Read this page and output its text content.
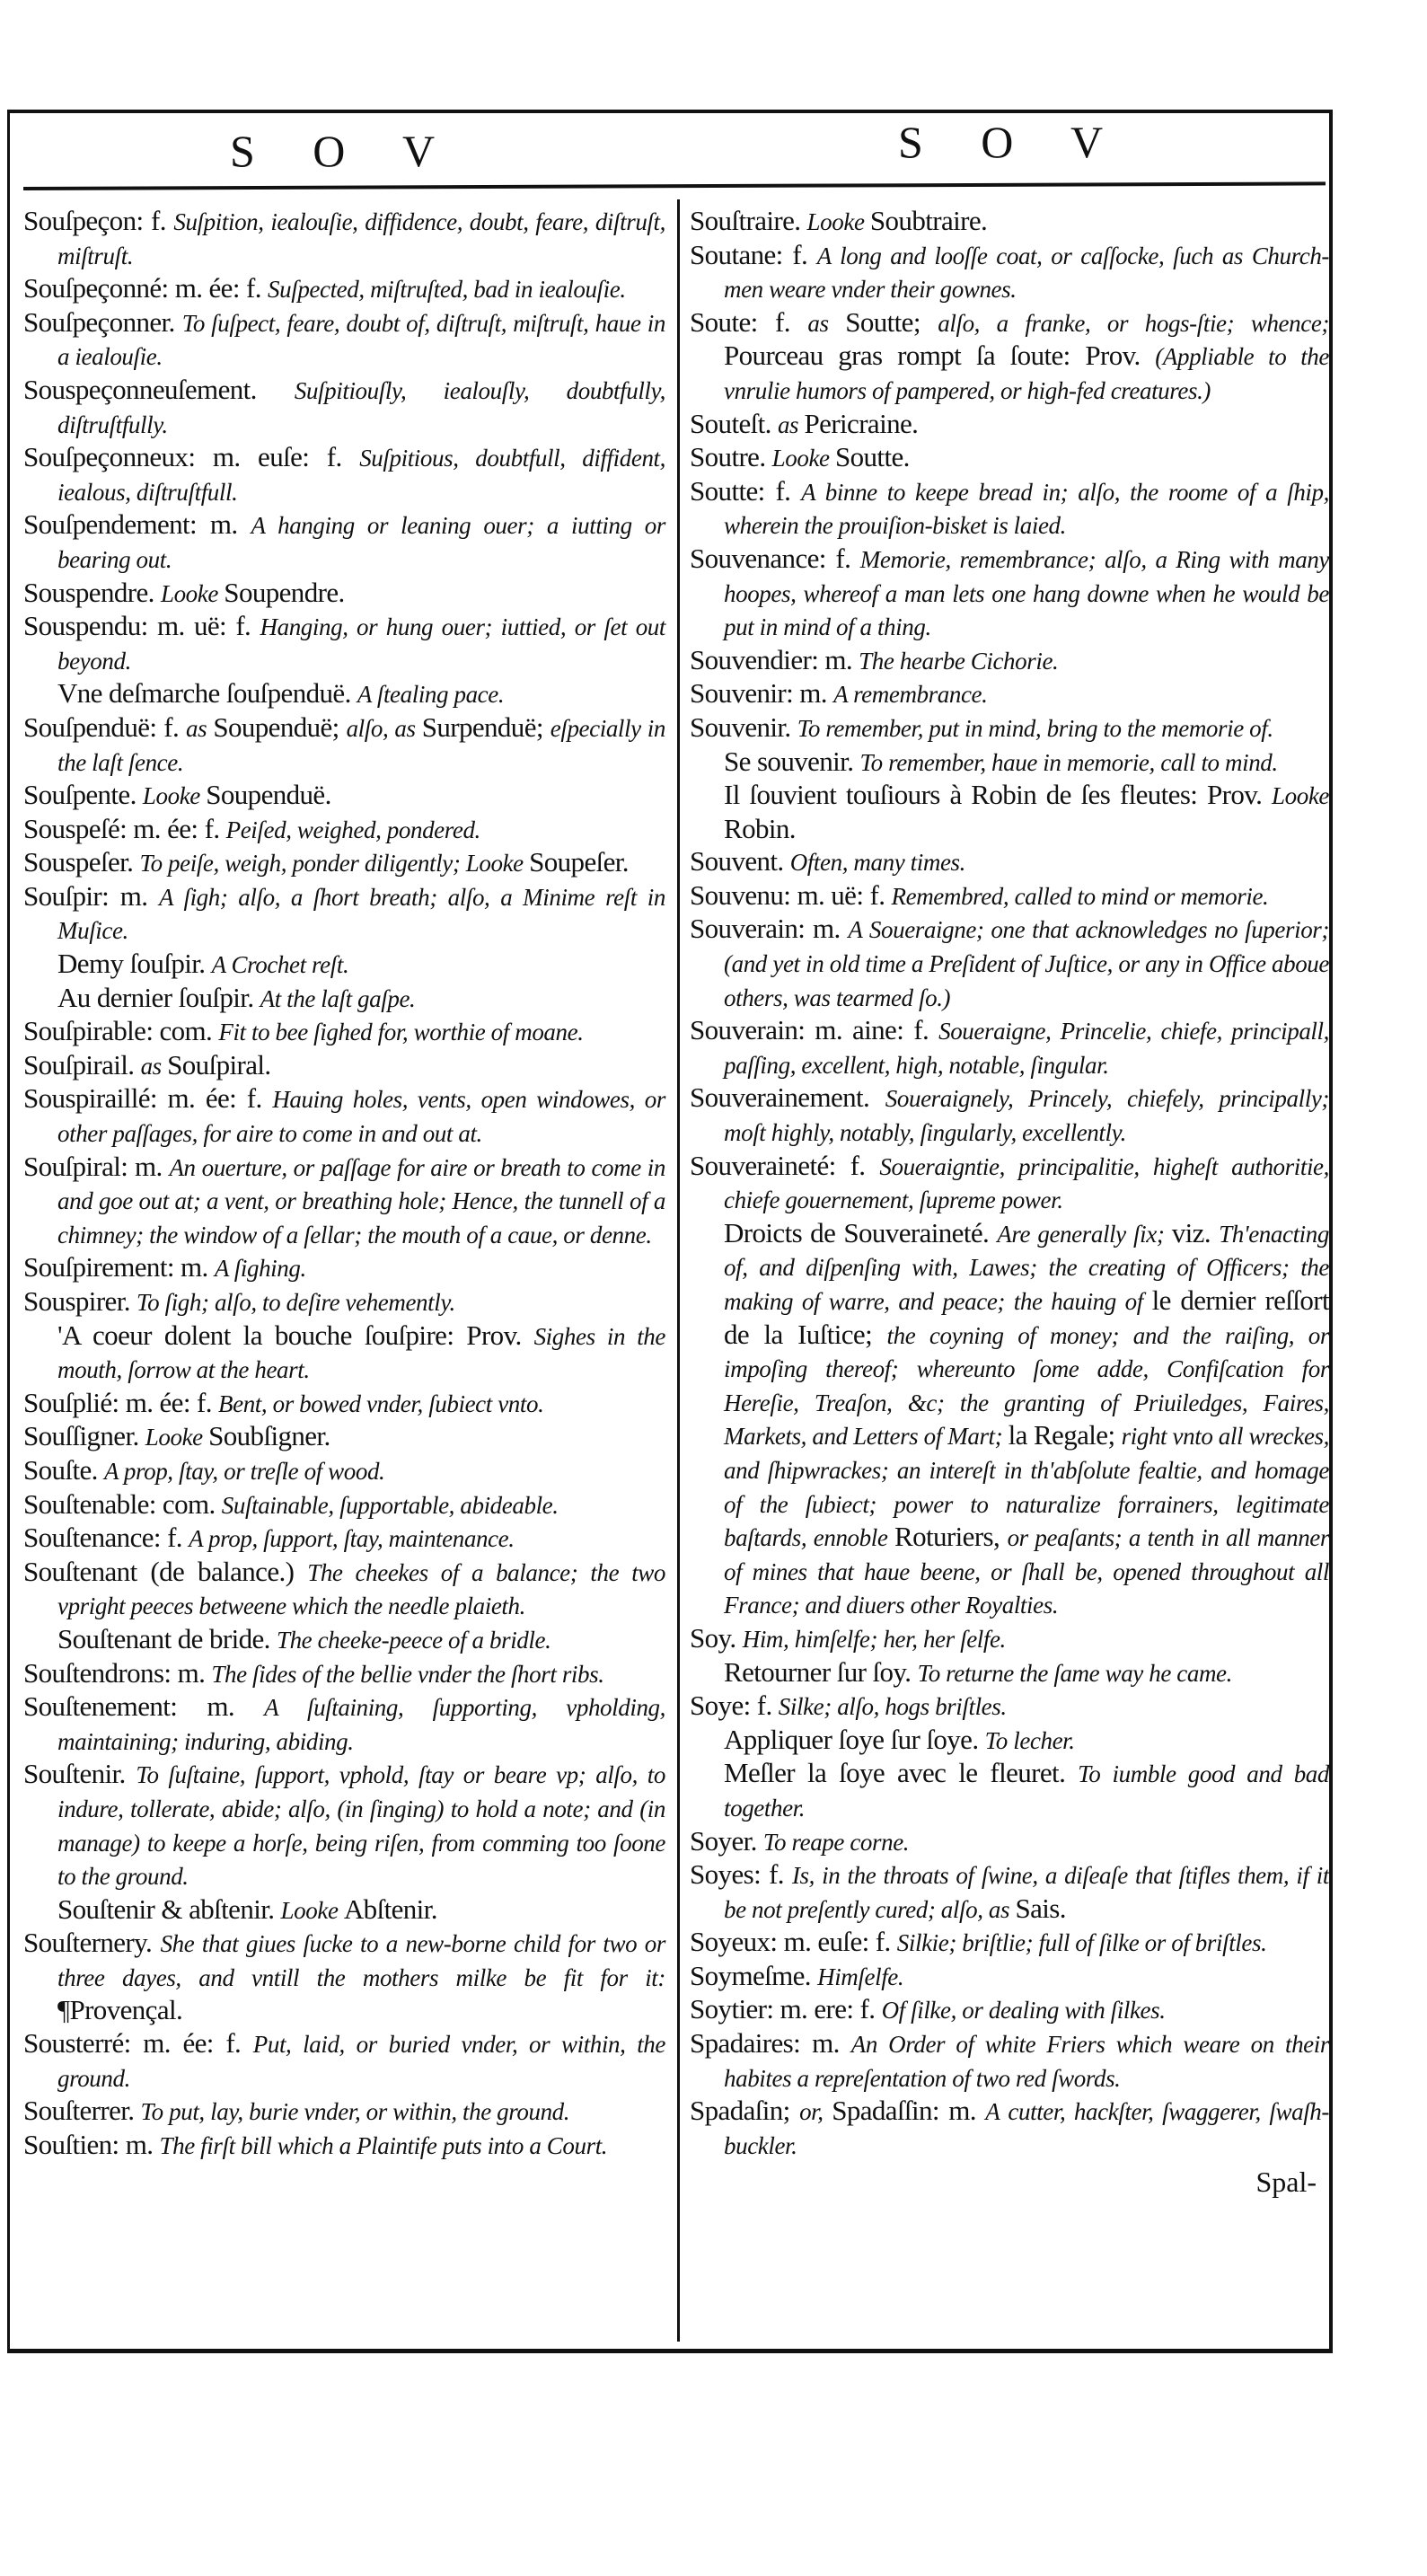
S O V	S O V
Souſpeçon: f. Suſpition, iealouſie, diffidence, doubt, feare, diſtruſt, miſtruſt.
Souſpeçonné: m. ée: f. Suſpected, miſtruſted, bad in iealouſie.
Souſpeçonner. To ſuſpect, feare, doubt of, diſtruſt, miſtruſt, haue in a iealouſie.
Souspeçonneuſement. Suſpitiouſly, iealouſly, doubtfully, diſtruſtfully.
Souſpeçonneux: m. euſe: f. Suſpitious, doubtfull, diffident, iealous, diſtruſtfull.
Souſpendement: m. A hanging or leaning ouer; a iutting or bearing out.
Souspendre. Looke Soupendre.
Souspendu: m. uë: f. Hanging, or hung ouer; iuttied, or ſet out beyond.
Vne deſmarche ſouſpenduë. A ſtealing pace.
Souſpenduë: f. as Soupenduë; alſo, as Surpenduë; eſpecially in the laſt ſence.
Souſpente. Looke Soupenduë.
Souspeſé: m. ée: f. Peiſed, weighed, pondered.
Souspeſer. To peiſe, weigh, ponder diligently; Looke Soupeſer.
Souſpir: m. A ſigh; alſo, a ſhort breath; alſo, a Minime reſt in Muſice.
Demy ſouſpir. A Crochet reſt.
Au dernier ſouſpir. At the laſt gaſpe.
Souſpirable: com. Fit to bee ſighed for, worthie of moane.
Souſpirail. as Souſpiral.
Souspiraillé: m. ée: f. Hauing holes, vents, open windowes, or other paſſages, for aire to come in and out at.
Souſpiral: m. An ouerture, or paſſage for aire or breath to come in and goe out at; a vent, or breathing hole; Hence, the tunnell of a chimney; the window of a ſellar; the mouth of a caue, or denne.
Souſpirement: m. A ſighing.
Souspirer. To ſigh; alſo, to deſire vehemently.
'A coeur dolent la bouche ſouſpire: Prov. Sighes in the mouth, ſorrow at the heart.
Souſplié: m. ée: f. Bent, or bowed vnder, ſubiect vnto.
Souſſigner. Looke Soubſigner.
Souſte. A prop, ſtay, or treſle of wood.
Souſtenable: com. Suſtainable, ſupportable, abideable.
Souſtenance: f. A prop, ſupport, ſtay, maintenance.
Souſtenant (de balance.) The cheekes of a balance; the two vpright peeces betweene which the needle plaieth.
Souſtenant de bride. The cheeke-peece of a bridle.
Souſtendrons: m. The ſides of the bellie vnder the ſhort ribs.
Souſtenement: m. A ſuſtaining, ſupporting, vpholding, maintaining; induring, abiding.
Souſtenir. To ſuſtaine, ſupport, vphold, ſtay or beare vp; alſo, to indure, tollerate, abide; alſo, (in ſinging) to hold a note; and (in manage) to keepe a horſe, being riſen, from comming too ſoone to the ground.
Souſtenir & abſtenir. Looke Abſtenir.
Souſternery. She that giues ſucke to a new-borne child for two or three dayes, and vntill the mothers milke be fit for it: ¶Provençal.
Sousterré: m. ée: f. Put, laid, or buried vnder, or within, the ground.
Souſterrer. To put, lay, burie vnder, or within, the ground.
Souſtien: m. The firſt bill which a Plaintife puts into a Court.
Souſtraire. Looke Soubtraire.
Soutane: f. A long and looſſe coat, or caſſocke, ſuch as Church-men weare vnder their gownes.
Soute: f. as Soutte; alſo, a franke, or hogs-ſtie; whence; Pourceau gras rompt ſa ſoute: Prov. (Appliable to the vnrulie humors of pampered, or high-fed creatures.)
Souteſt. as Pericraine.
Soutre. Looke Soutte.
Soutte: f. A binne to keepe bread in; alſo, the roome of a ſhip, wherein the prouiſion-bisket is laied.
Souvenance: f. Memorie, remembrance; alſo, a Ring with many hoopes, whereof a man lets one hang downe when he would be put in mind of a thing.
Souvendier: m. The hearbe Cichorie.
Souvenir: m. A remembrance.
Souvenir. To remember, put in mind, bring to the memorie of.
Se souvenir. To remember, haue in memorie, call to mind.
Il ſouvient touſiours à Robin de ſes fleutes: Prov. Looke Robin.
Souvent. Often, many times.
Souvenu: m. uë: f. Remembred, called to mind or memorie.
Souverain: m. A Soueraigne; one that acknowledges no ſuperior; (and yet in old time a Preſident of Juſtice, or any in Office aboue others, was tearmed ſo.)
Souverain: m. aine: f. Soueraigne, Princelie, chiefe, principall, paſſing, excellent, high, notable, ſingular.
Souverainement. Soueraignely, Princely, chiefely, principally; moſt highly, notably, ſingularly, excellently.
Souveraineté: f. Soueraigntie, principalitie, higheſt authoritie, chiefe gouernement, ſupreme power.
Droicts de Souveraineté. Are generally ſix; viz. Th'enacting of, and diſpenſing with, Lawes; the creating of Officers; the making of warre, and peace; the hauing of le dernier reſſort de la Iuſtice; the coyning of money; and the raiſing, or impoſing thereof; whereunto ſome adde, Confiſcation for Hereſie, Treaſon, &c; the granting of Priuiledges, Faires, Markets, and Letters of Mart; la Regale; right vnto all wreckes, and ſhipwrackes; an intereſt in th'abſolute fealtie, and homage of the ſubiect; power to naturalize forrainers, legitimate baſtards, ennoble Roturiers, or peaſants; a tenth in all manner of mines that haue beene, or ſhall be, opened throughout all France; and diuers other Royalties.
Soy. Him, himſelfe; her, her ſelfe.
Retourner ſur ſoy. To returne the ſame way he came.
Soye: f. Silke; alſo, hogs briſtles.
Appliquer ſoye ſur ſoye. To lecher.
Meſler la ſoye avec le fleuret. To iumble good and bad together.
Soyer. To reape corne.
Soyes: f. Is, in the throats of ſwine, a diſeaſe that ſtifles them, if it be not preſently cured; alſo, as Sais.
Soyeux: m. euſe: f. Silkie; briſtlie; full of ſilke or of briſtles.
Soymeſme. Himſelfe.
Soytier: m. ere: f. Of ſilke, or dealing with ſilkes.
Spadaires: m. An Order of white Friers which weare on their habites a repreſentation of two red ſwords.
Spadaſin; or, Spadaſſin: m. A cutter, hackſter, ſwaggerer, ſwaſh-buckler.
Spal-
